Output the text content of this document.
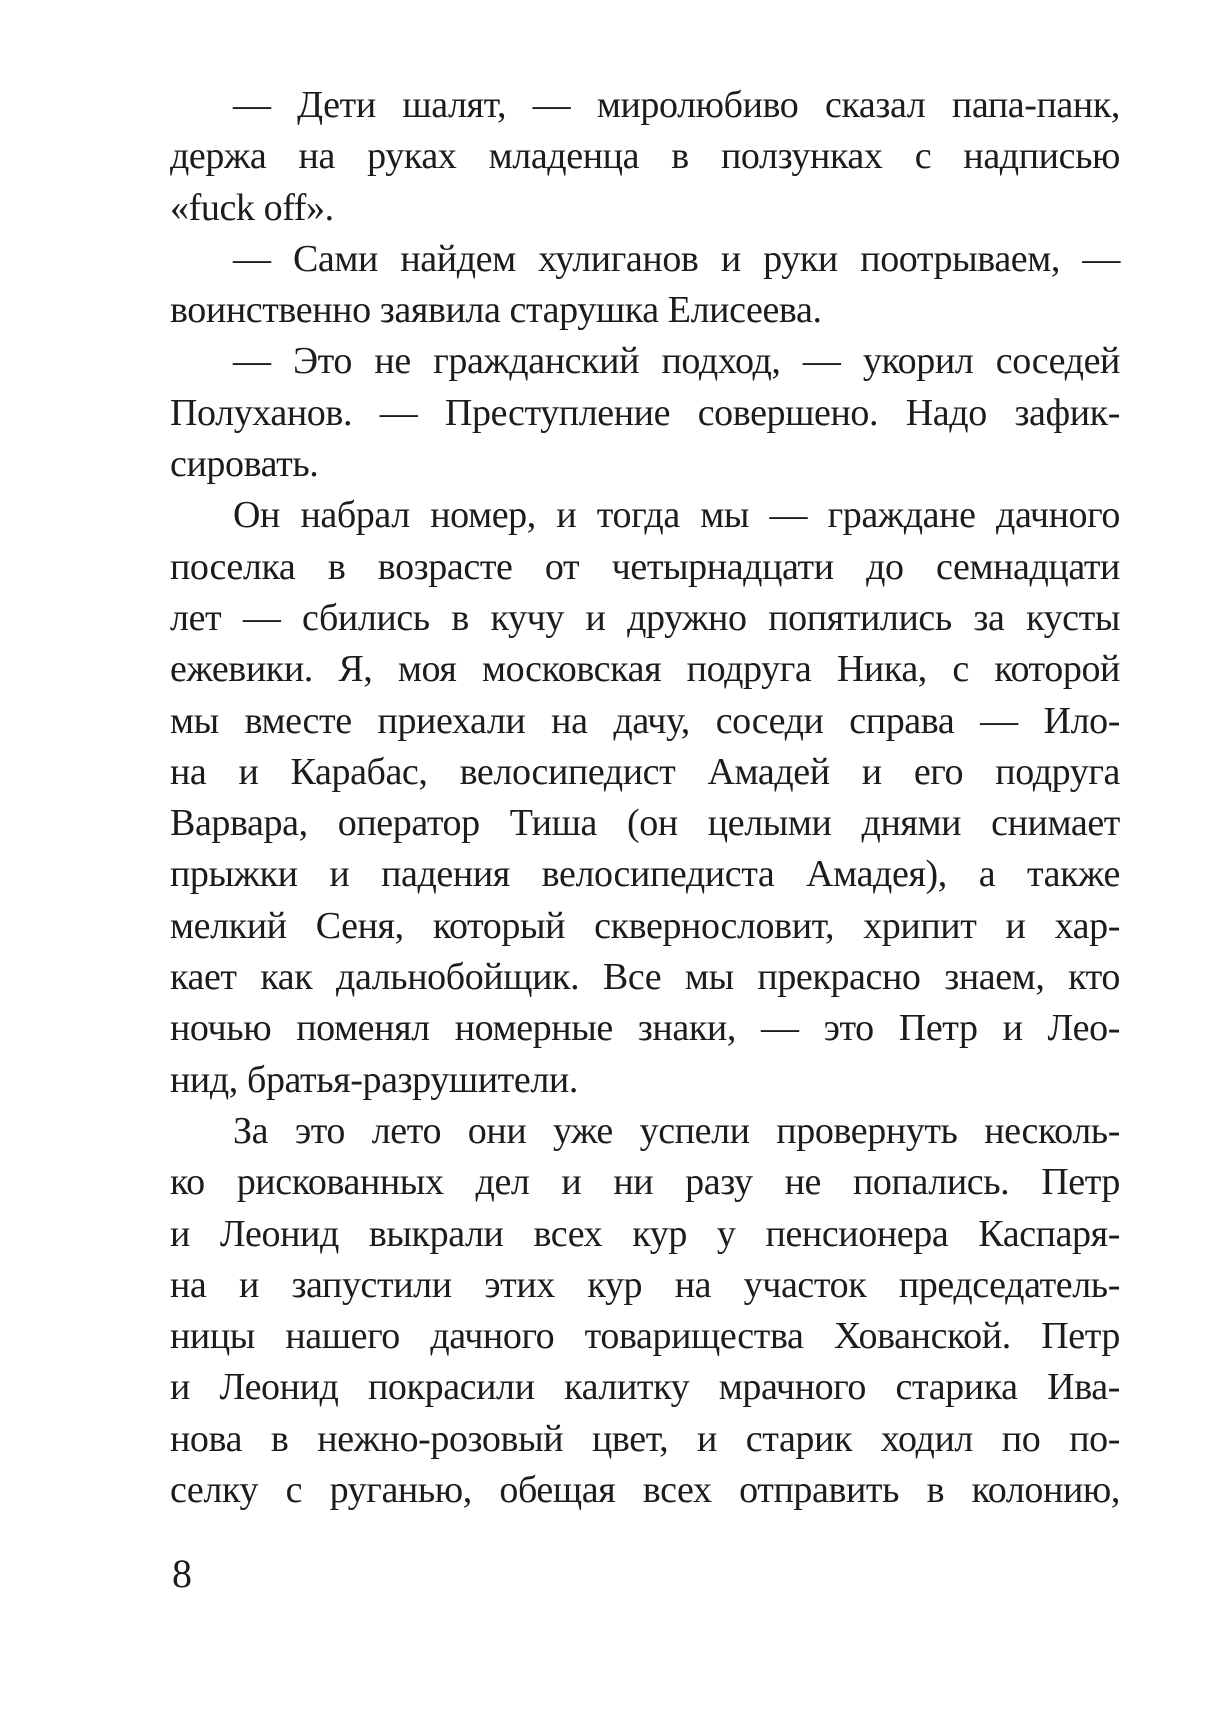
— Дети шалят, — миролюбиво сказал папа-панк,
держа на руках младенца в ползунках с надписью
«fuck off».
— Сами найдем хулиганов и руки поотрываем, —
воинственно заявила старушка Елисеева.
— Это не гражданский подход, — укорил соседей
Полуханов. — Преступление совершено. Надо зафик-
сировать.
Он набрал номер, и тогда мы — граждане дачного
поселка в возрасте от четырнадцати до семнадцати
лет — сбились в кучу и дружно попятились за кусты
ежевики. Я, моя московская подруга Ника, с которой
мы вместе приехали на дачу, соседи справа — Ило-
на и Карабас, велосипедист Амадей и его подруга
Варвара, оператор Тиша (он целыми днями снимает
прыжки и падения велосипедиста Амадея), а также
мелкий Сеня, который сквернословит, хрипит и хар-
кает как дальнобойщик. Все мы прекрасно знаем, кто
ночью поменял номерные знаки, — это Петр и Лео-
нид, братья-разрушители.
За это лето они уже успели провернуть несколь-
ко рискованных дел и ни разу не попались. Петр
и Леонид выкрали всех кур у пенсионера Каспаря-
на и запустили этих кур на участок председатель-
ницы нашего дачного товарищества Хованской. Петр
и Леонид покрасили калитку мрачного старика Ива-
нова в нежно-розовый цвет, и старик ходил по по-
селку с руганью, обещая всех отправить в колонию,
8
